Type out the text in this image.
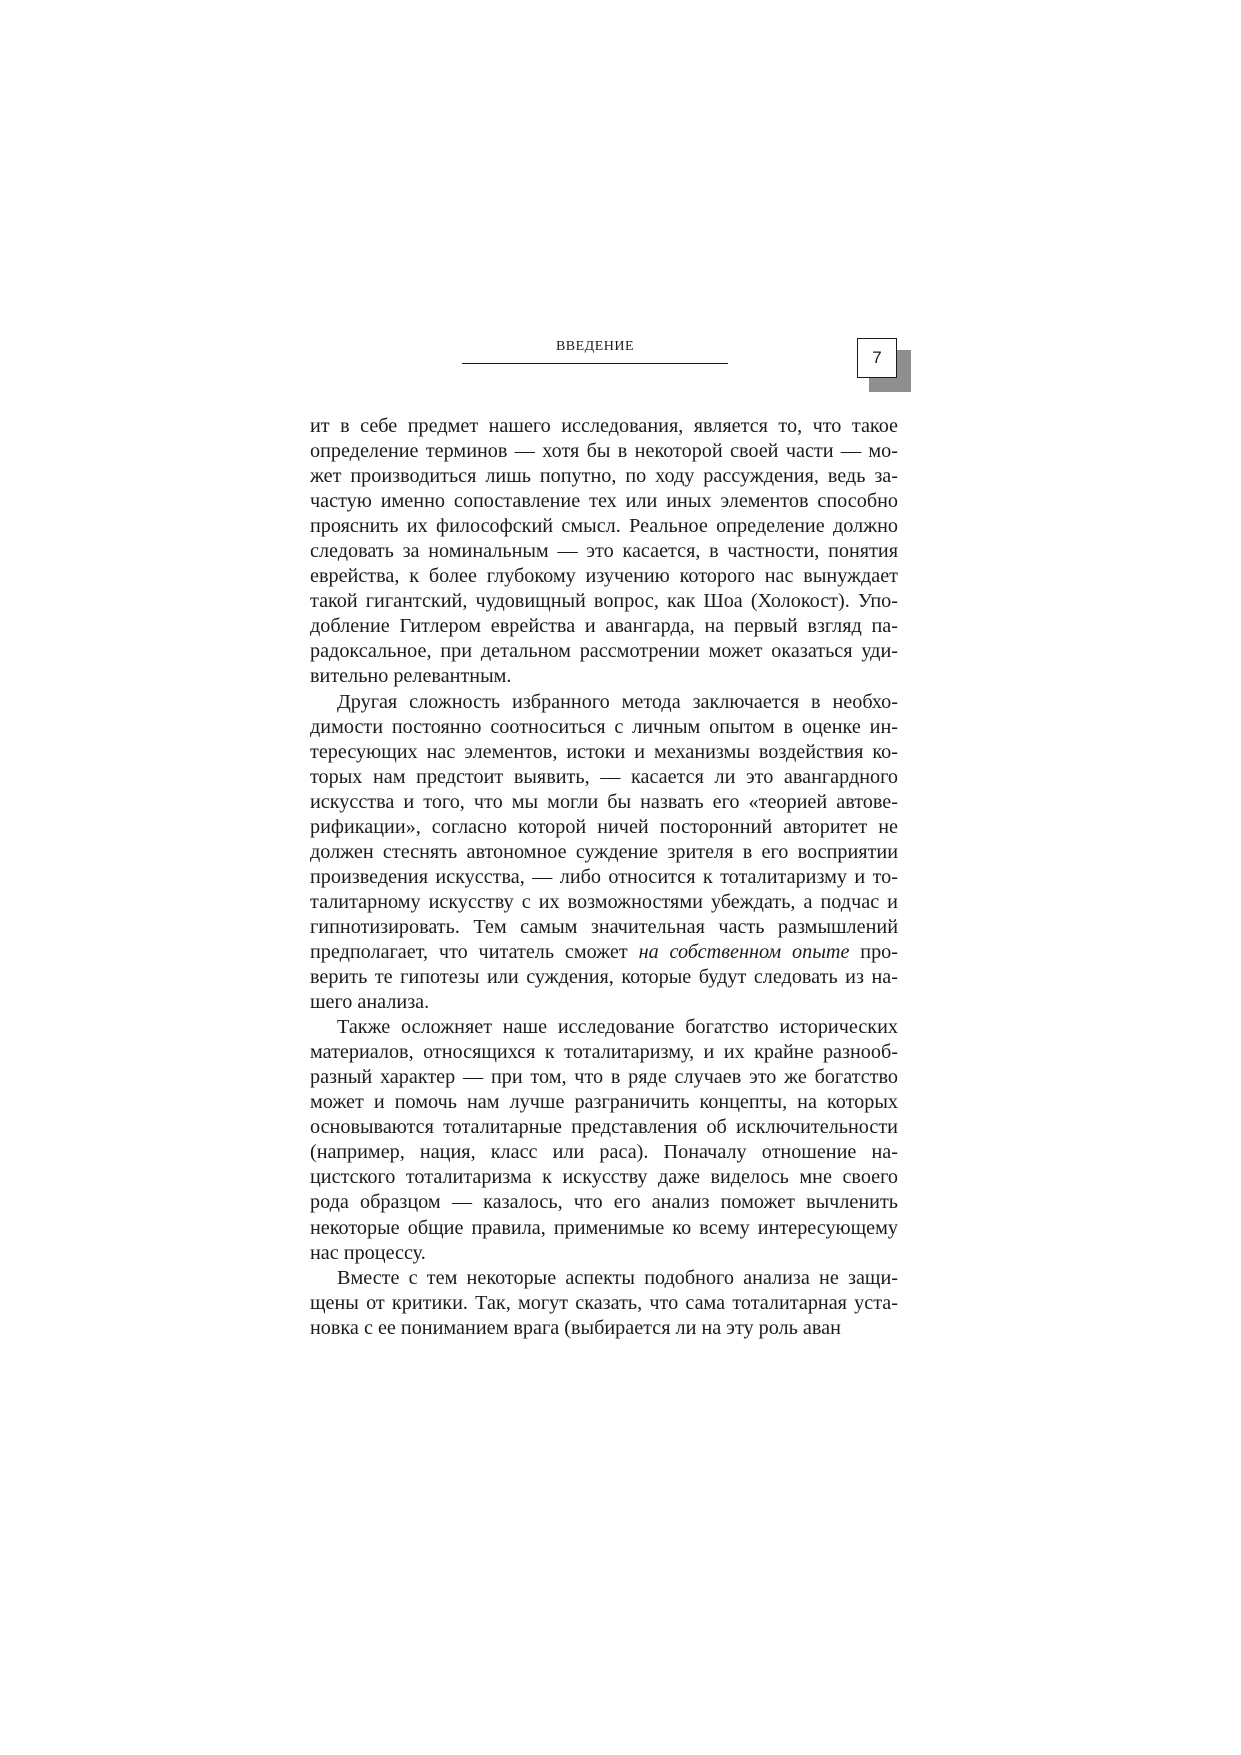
ВВЕДЕНИЕ
7

ит в себе предмет нашего исследования, является то, что такое определение терминов — хотя бы в некоторой своей части — может производиться лишь попутно, по ходу рассуждения, ведь зачастую именно сопоставление тех или иных элементов способно прояснить их философский смысл. Реальное определение должно следовать за номинальным — это касается, в частности, понятия еврейства, к более глубокому изучению которого нас вынуждает такой гигантский, чудовищный вопрос, как Шоа (Холокост). Уподобление Гитлером еврейства и авангарда, на первый взгляд парадоксальное, при детальном рассмотрении может оказаться удивительно релевантным.

Другая сложность избранного метода заключается в необходимости постоянно соотноситься с личным опытом в оценке интересующих нас элементов, истоки и механизмы воздействия которых нам предстоит выявить, — касается ли это авангардного искусства и того, что мы могли бы назвать его «теорией автоверификации», согласно которой ничей посторонний авторитет не должен стеснять автономное суждение зрителя в его восприятии произведения искусства, — либо относится к тоталитаризму и тоталитарному искусству с их возможностями убеждать, а подчас и гипнотизировать. Тем самым значительная часть размышлений предполагает, что читатель сможет на собственном опыте проверить те гипотезы или суждения, которые будут следовать из нашего анализа.

Также осложняет наше исследование богатство исторических материалов, относящихся к тоталитаризму, и их крайне разнообразный характер — при том, что в ряде случаев это же богатство может и помочь нам лучше разграничить концепты, на которых основываются тоталитарные представления об исключительности (например, нация, класс или раса). Поначалу отношение нацистского тоталитаризма к искусству даже виделось мне своего рода образцом — казалось, что его анализ поможет вычленить некоторые общие правила, применимые ко всему интересующему нас процессу.

Вместе с тем некоторые аспекты подобного анализа не защищены от критики. Так, могут сказать, что сама тоталитарная установка с ее пониманием врага (выбирается ли на эту роль аван
